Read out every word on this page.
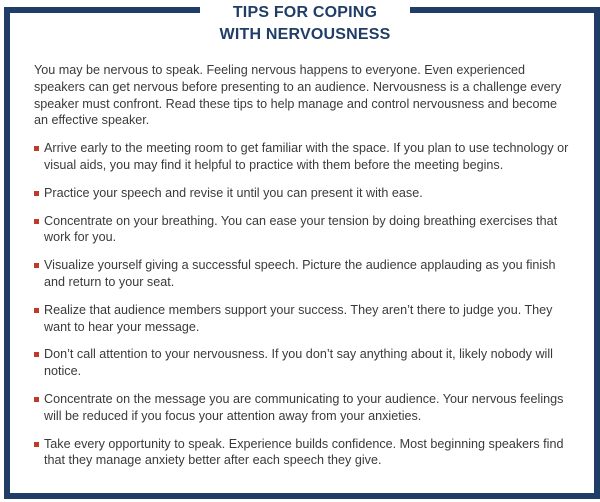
TIPS FOR COPING
WITH NERVOUSNESS

You may be nervous to speak. Feeling nervous happens to everyone. Even experienced speakers can get nervous before presenting to an audience. Nervousness is a challenge every speaker must confront. Read these tips to help manage and control nervousness and become an effective speaker.

Arrive early to the meeting room to get familiar with the space. If you plan to use technology or visual aids, you may find it helpful to practice with them before the meeting begins.
Practice your speech and revise it until you can present it with ease.
Concentrate on your breathing. You can ease your tension by doing breathing exercises that work for you.
Visualize yourself giving a successful speech. Picture the audience applauding as you finish and return to your seat.
Realize that audience members support your success. They aren’t there to judge you. They want to hear your message.
Don’t call attention to your nervousness. If you don’t say anything about it, likely nobody will notice.
Concentrate on the message you are communicating to your audience. Your nervous feelings will be reduced if you focus your attention away from your anxieties.
Take every opportunity to speak. Experience builds confidence. Most beginning speakers find that they manage anxiety better after each speech they give.
